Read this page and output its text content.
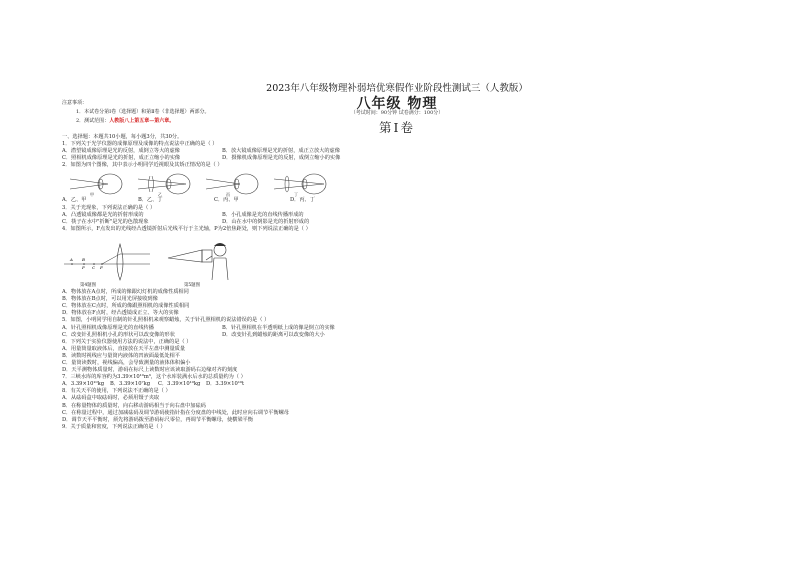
2023年八年级物理补弱培优寒假作业阶段性测试三（人教版）
八年级 物理
注意事项：
1．本试卷分第Ⅰ卷（选择题）和第Ⅱ卷（非选择题）两部分。
2．测试范围：人教版八上第五章—第六章。
（考试时间：90分钟 试卷满分：100分）
第Ⅰ卷
一、选择题：本题共10小题，每小题3分，共30分。
1．下列关于光学仪器的成像原理及成像的特点说法中正确的是（ ）
A．潜望镜成像原理是光的反射，成倒立等大的虚像	B．放大镜成像原理是光的折射，成正立放大的虚像
C．照相机成像原理是光的折射，成正立缩小的实像	D．摄像机成像原理是光的反射，成倒立缩小的实像
2．如图为四个图像，其中表示小明同学近视眼及其矫正情况的是（ ）
甲	乙	丙	丁
A．乙、甲	B．乙、丁	C．丙、甲	D．丙、丁
3．关于光现象，下列说法正确的是（ ）
A．凸透镜成像都是光的折射形成的	B．小孔成像是光的直线传播形成的
C．筷子在水中"折断"是光的色散现象	D．山在水中的倒影是光的折射形成的
4．如图所示，F点发出的光线经凸透镜折射后光线平行于主光轴，P为2倍焦距处，则下列说法正确的是（ ）
A B
C F
P
第4题图	第5题图
A．物体放在A点时，所成的像跟幻灯机的成像性质相同
B．物体放在B点时，可以用光屏接收到像
C．物体放在C点时，所成的像跟照相机的成像性质相同
D．物体放在F点时，经凸透镜成正立、等大的实像
5．如图，小明同学用自制的针孔照相机来观察蜡烛，关于针孔照相机的说法错误的是（ ）
A．针孔照相机成像原理是光的直线传播	B．针孔照相机在半透明纸上成的像是倒立的实像
C．改变针孔照相机小孔的形状可以改变像的形状	D．改变针孔到蜡烛的距离可以改变像的大小
6．下列关于实验仪器使用方法的说法中，正确的是（ ）
A．用量筒量取液体后，直接放在天平左盘中测量质量
B．读数时视线应与量筒内液体的凹液面最低处相平
C．量筒读数时，视线偏高，会导致测量的液体体积偏小
D．天平测物体质量时，游码在标尺上读数时应该读取游码右边缘对齐的刻度
7．三峡水库的库容约为3.39×10¹⁰m³，这个水库装满水后水的总质量约为（ ）
A．3.39×10¹⁰kg	B．3.39×10⁷kg	C．3.39×10¹⁰kg	D．3.39×10¹⁰t
8．有关天平的使用，下列说法不正确的是（ ）
A．从砝码盒中取砝码时，必须用镊子夹取
B．在称量物体的质量时，向右移动游码相当于向右盘中加砝码
C．在称量过程中，通过加减砝码及调节游码使指针指在分度盘的中线处，此时应向右调节平衡螺母
D．调节天平平衡时，须先将游码拨至游码标尺零位，再调节平衡螺母，使横梁平衡
9．关于质量和密度，下列说法正确的是（ ）
